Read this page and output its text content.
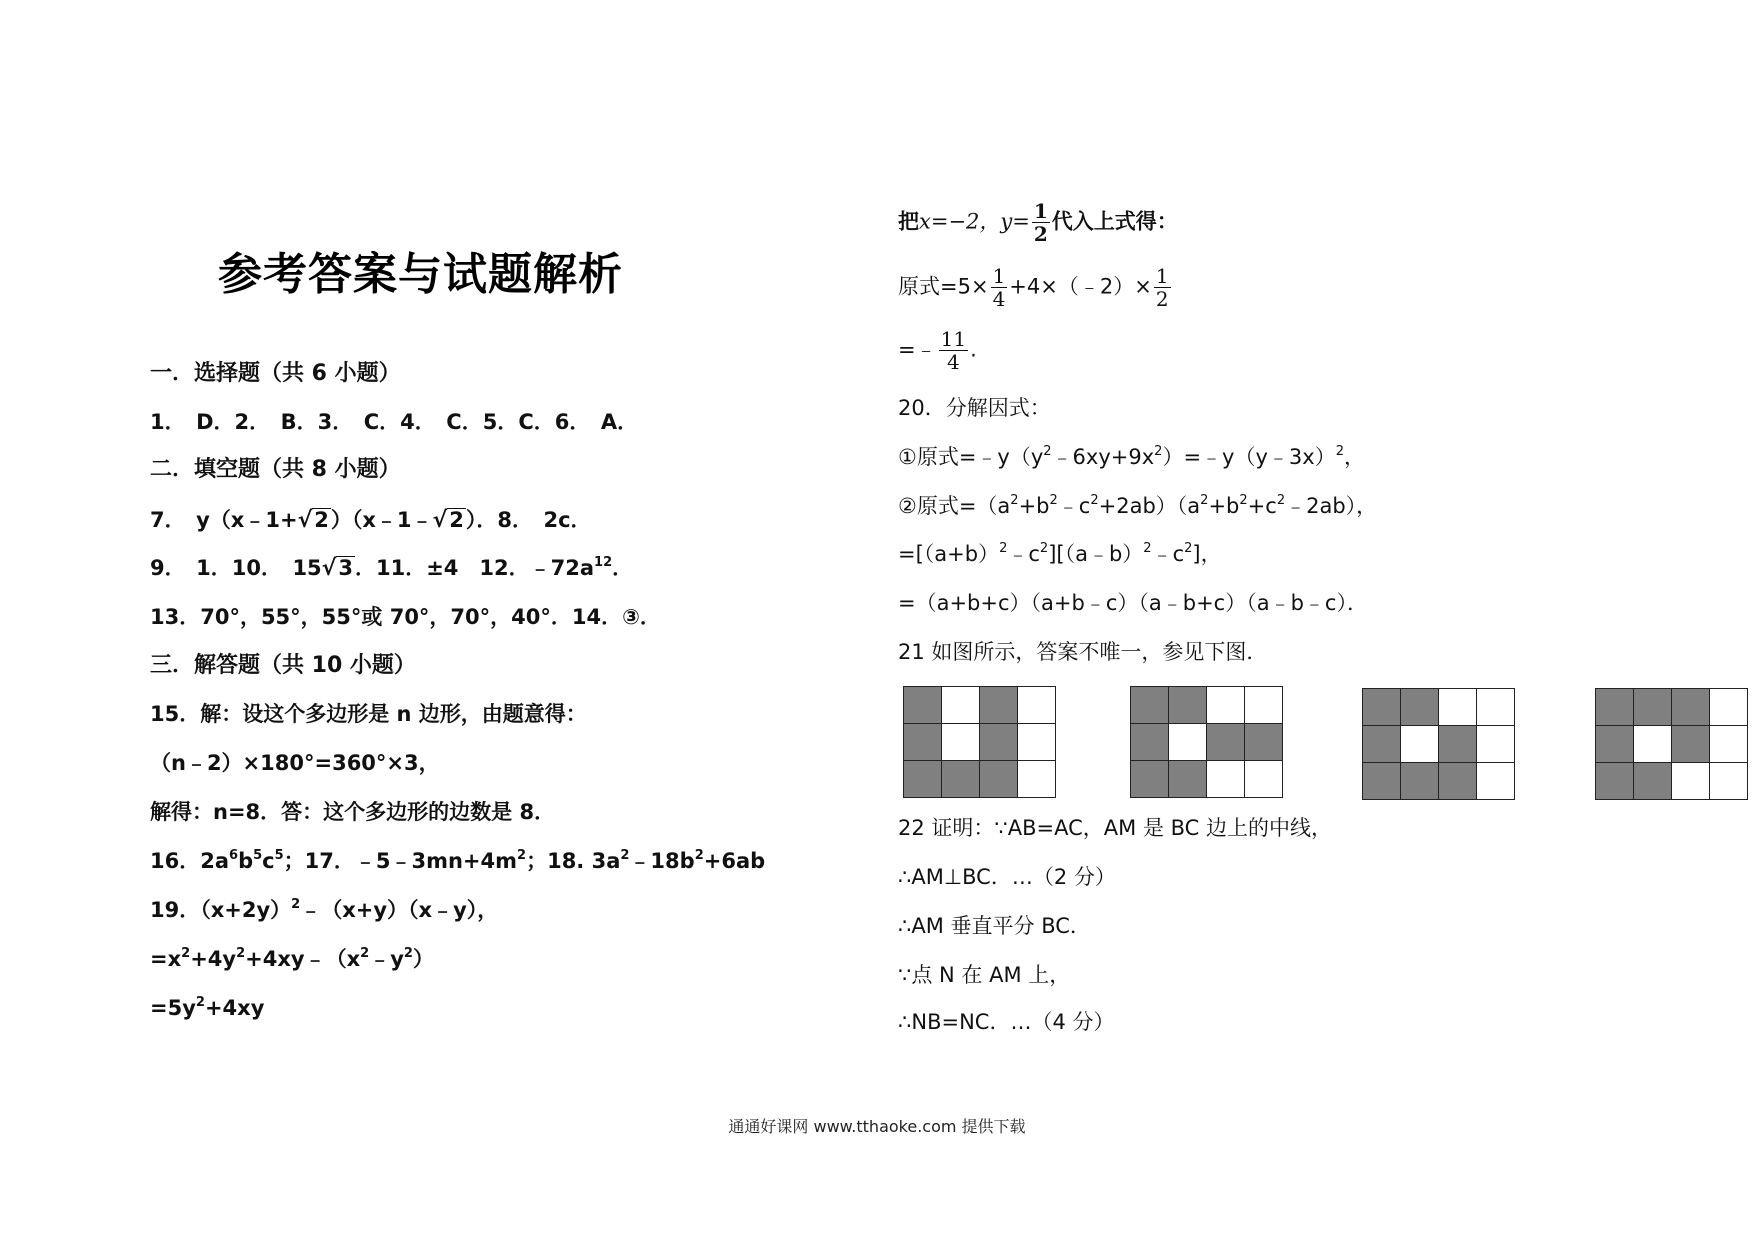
参考答案与试题解析
一．选择题（共 6 小题）
1．　D．2．　B．3．　C．4．　C．5．C．6．　A．
二．填空题（共 8 小题）
7．　y（x﹣1+√2）（x﹣1﹣√2）．8．　2c．
9．　1．10．　15√3．11．±4　12．$﹣72a^{12}$．
13．70°，55°，55°或 70°，70°，40°．14．③．
三．解答题（共 10 小题）
15．解：设这个多边形是 n 边形，由题意得：
（n﹣2）×180°=360°×3，
解得：n=8．答：这个多边形的边数是 8．
16．$2a^6b^5c^5$；17．$﹣5﹣3mn+4m^2$；18. $3a^2﹣18b^2+6ab$
19．$(x+2y)^2﹣(x+y)(x﹣y)$，
$=x^2+4y^2+4xy﹣(x^2﹣y^2)$
$=5y^2+4xy$
把x=−2，$y= \frac{1}{2}$ 代入上式得：
原式$=5\times \frac{1}{4}$ +4×（﹣2）× $\frac{1}{2}$
=﹣ $\frac{11}{4}$ .
20．分解因式：
①原式$=﹣y(y^2﹣6xy+9x^2)=﹣y(y﹣3x)^2$，
②原式$=(a^2+b^2﹣c^2+2ab)(a^2+b^2+c^2﹣2ab)$，
$=[(a+b)^2﹣c^2][(a﹣b)^2﹣c^2]$，
=（a+b+c）（a+b﹣c）（a﹣b+c）（a﹣b﹣c）．
21 如图所示，答案不唯一，参见下图．
22 证明：∵AB=AC，AM 是 BC 边上的中线，
∴AM⊥BC．…（2 分）
∴AM 垂直平分 BC．
∵点 N 在 AM 上，
∴NB=NC．…（4 分）

通通好课网 www.tthaoke.com 提供下载
